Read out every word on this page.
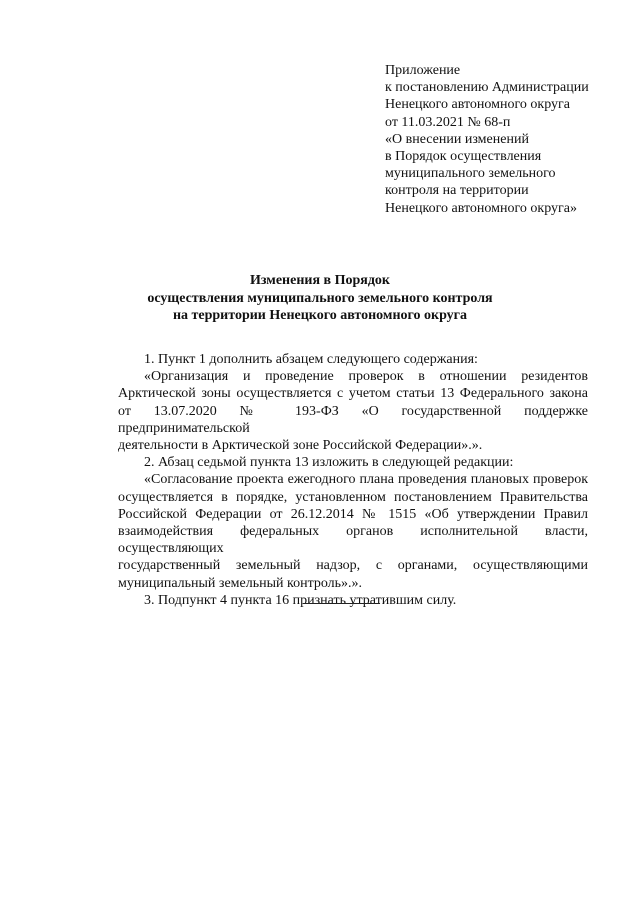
Приложение
к постановлению Администрации
Ненецкого автономного округа
от 11.03.2021 № 68-п
«О внесении изменений
в Порядок осуществления
муниципального земельного
контроля на территории
Ненецкого автономного округа»
Изменения в Порядок
осуществления муниципального земельного контроля
на территории Ненецкого автономного округа

1. Пункт 1 дополнить абзацем следующего содержания:

«Организация и проведение проверок в отношении резидентов
Арктической зоны осуществляется с учетом статьи 13 Федерального закона
от 13.07.2020 № 193-ФЗ «О государственной поддержке предпринимательской
деятельности в Арктической зоне Российской Федерации».».

2. Абзац седьмой пункта 13 изложить в следующей редакции:

«Согласование проекта ежегодного плана проведения плановых проверок
осуществляется в порядке, установленном постановлением Правительства
Российской Федерации от 26.12.2014 № 1515 «Об утверждении Правил
взаимодействия федеральных органов исполнительной власти, осуществляющих
государственный земельный надзор, с органами, осуществляющими
муниципальный земельный контроль».».

3. Подпункт 4 пункта 16 признать утратившим силу.
